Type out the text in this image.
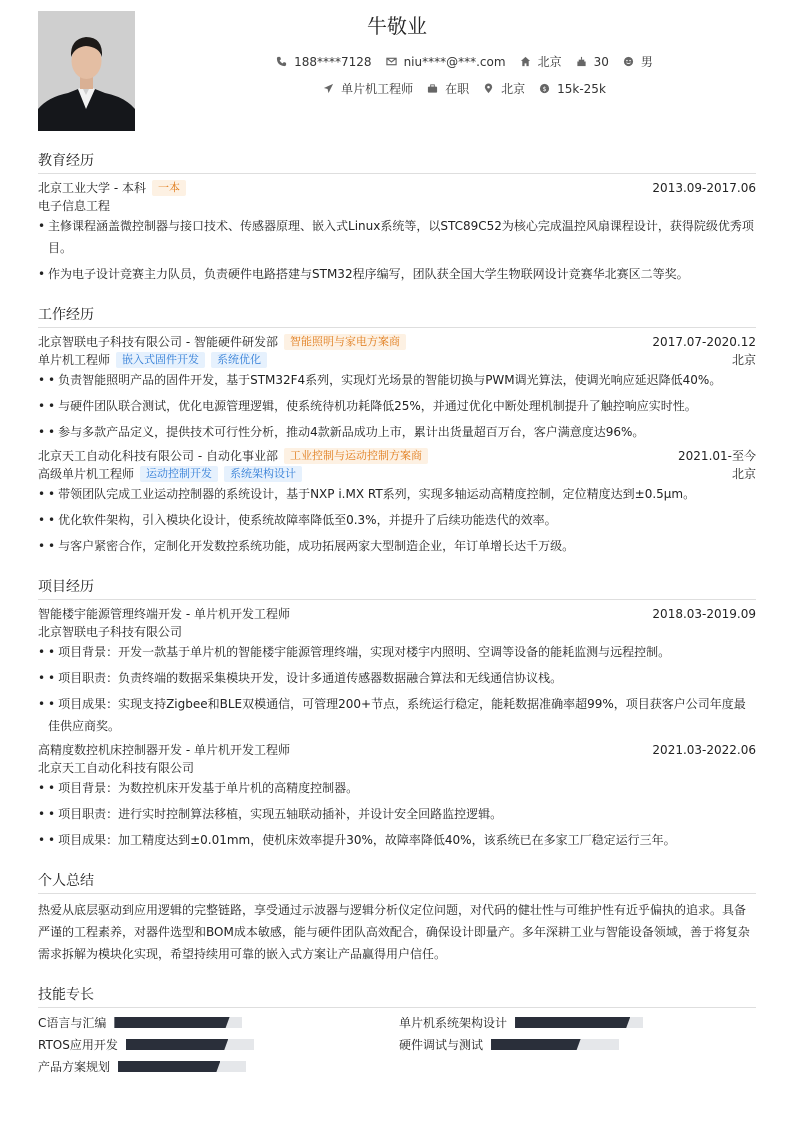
牛敬业
188****7128	niu****@***.com	北京	30	男
单片机工程师	在职	北京 $ 15k-25k
教育经历
北京工业大学 - 本科	一本	2013.09-2017.06
电子信息工程
• 主修课程涵盖微控制器与接口技术、传感器原理、嵌入式Linux系统等，以STC89C52为核心完成温控风扇课程设计，获得院级优秀项目。
• 作为电子设计竞赛主力队员，负责硬件电路搭建与STM32程序编写，团队获全国大学生物联网设计竞赛华北赛区二等奖。
工作经历
北京智联电子科技有限公司 - 智能硬件研发部	智能照明与家电方案商	2017.07-2020.12
单片机工程师	嵌入式固件开发	系统优化	北京
• • 负责智能照明产品的固件开发，基于STM32F4系列，实现灯光场景的智能切换与PWM调光算法，使调光响应延迟降低40%。
• • 与硬件团队联合测试，优化电源管理逻辑，使系统待机功耗降低25%，并通过优化中断处理机制提升了触控响应实时性。
• • 参与多款产品定义，提供技术可行性分析，推动4款新品成功上市，累计出货量超百万台，客户满意度达96%。
北京天工自动化科技有限公司 - 自动化事业部	工业控制与运动控制方案商	2021.01-至今
高级单片机工程师	运动控制开发	系统架构设计	北京
• • 带领团队完成工业运动控制器的系统设计，基于NXP i.MX RT系列，实现多轴运动高精度控制，定位精度达到±0.5μm。
• • 优化软件架构，引入模块化设计，使系统故障率降低至0.3%，并提升了后续功能迭代的效率。
• • 与客户紧密合作，定制化开发数控系统功能，成功拓展两家大型制造企业，年订单增长达千万级。
项目经历
智能楼宇能源管理终端开发 - 单片机开发工程师	2018.03-2019.09
北京智联电子科技有限公司
• • 项目背景：开发一款基于单片机的智能楼宇能源管理终端，实现对楼宇内照明、空调等设备的能耗监测与远程控制。
• • 项目职责：负责终端的数据采集模块开发，设计多通道传感器数据融合算法和无线通信协议栈。
• • 项目成果：实现支持Zigbee和BLE双模通信，可管理200+节点，系统运行稳定，能耗数据准确率超99%，项目获客户公司年度最佳供应商奖。
高精度数控机床控制器开发 - 单片机开发工程师	2021.03-2022.06
北京天工自动化科技有限公司
• • 项目背景：为数控机床开发基于单片机的高精度控制器。
• • 项目职责：进行实时控制算法移植，实现五轴联动插补，并设计安全回路监控逻辑。
• • 项目成果：加工精度达到±0.01mm，使机床效率提升30%，故障率降低40%，该系统已在多家工厂稳定运行三年。
个人总结
热爱从底层驱动到应用逻辑的完整链路，享受通过示波器与逻辑分析仪定位问题，对代码的健壮性与可维护性有近乎偏执的追求。具备严谨的工程素养，对器件选型和BOM成本敏感，能与硬件团队高效配合，确保设计即量产。多年深耕工业与智能设备领域，善于将复杂需求拆解为模块化实现，希望持续用可靠的嵌入式方案让产品赢得用户信任。
技能专长
C语言与汇编	单片机系统架构设计
RTOS应用开发	硬件调试与测试
产品方案规划
